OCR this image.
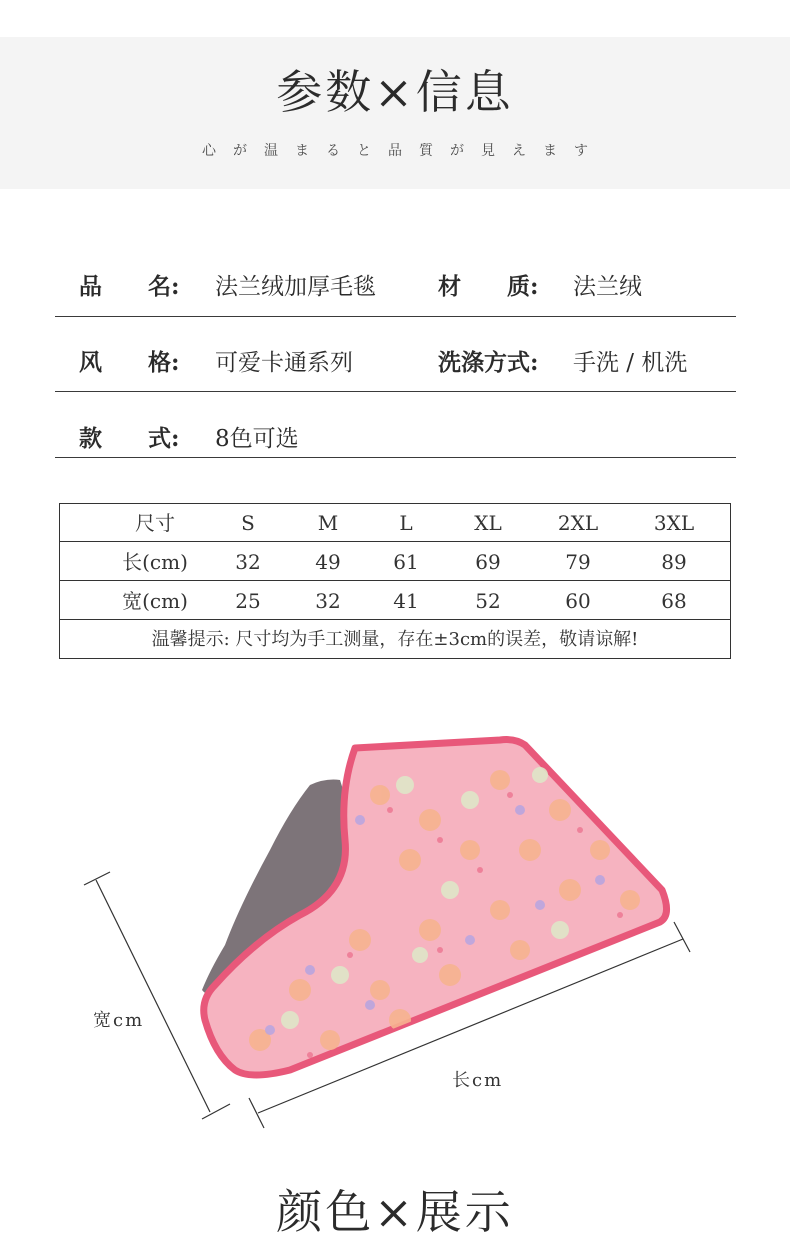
参数×信息
心が温まると品質が見えます
品　　名: 法兰绒加厚毛毯	材　　质: 法兰绒
风　　格: 可爱卡通系列	洗涤方式: 手洗 / 机洗
款　　式: 8色可选
尺寸	S	M	L	XL	2XL	3XL
长(cm)	32	49	61	69	79	89
宽(cm)	25	32	41	52	60	68
温馨提示: 尺寸均为手工测量，存在±3cm的误差，敬请谅解!
宽cm
长cm
颜色×展示
